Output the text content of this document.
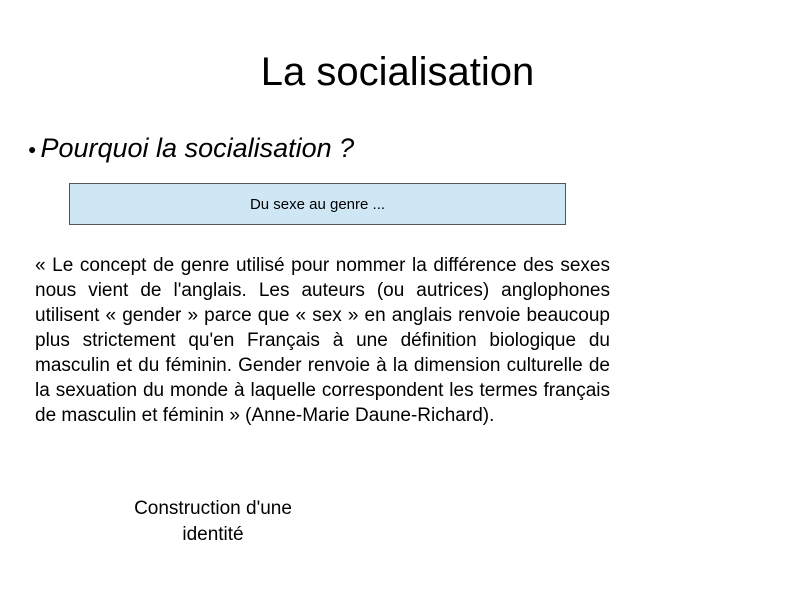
La socialisation
● Pourquoi la socialisation ?
Du sexe au genre ...

« Le concept de genre utilisé pour nommer la différence des sexes nous vient de l'anglais. Les auteurs (ou autrices) anglophones utilisent « gender » parce que « sex » en anglais renvoie beaucoup plus strictement qu'en Français à une définition biologique du masculin et du féminin. Gender renvoie à la dimension culturelle de la sexuation du monde à laquelle correspondent les termes français de masculin et féminin » (Anne-Marie Daune-Richard).

Construction d'une identité
